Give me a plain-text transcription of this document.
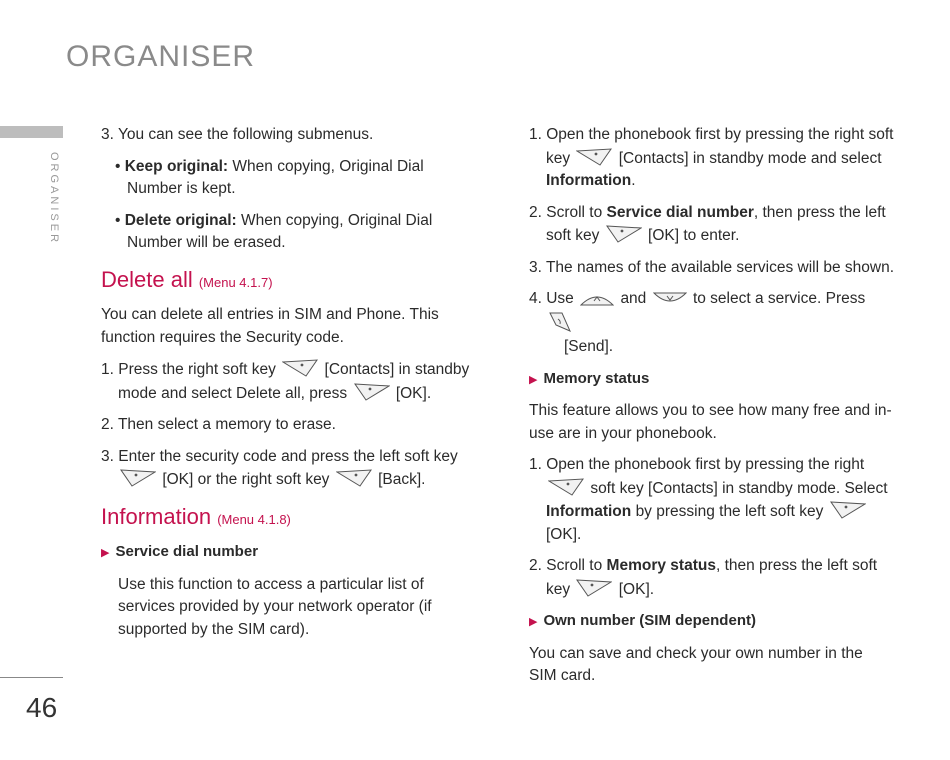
ORGANISER
ORGANISER
46

3. You can see the following submenus.

• Keep original: When copying, Original Dial Number is kept.

• Delete original: When copying, Original Dial Number will be erased.

Delete all (Menu 4.1.7)

You can delete all entries in SIM and Phone. This function requires the Security code.

1. Press the right soft key	[Contacts] in standby mode and select Delete all, press	[OK].

2. Then select a memory to erase.

3. Enter the security code and press the left soft key
[OK] or the right soft key	[Back].

Information (Menu 4.1.8)
▶ Service dial number

Use this function to access a particular list of services provided by your network operator (if supported by the SIM card).

1. Open the phonebook first by pressing the right soft key	[Contacts] in standby mode and select Information.

2. Scroll to Service dial number, then press the left soft key	[OK] to enter.

3. The names of the available services will be shown.

4. Use	and	to select a service. Press

[Send].

▶ Memory status

This feature allows you to see how many free and in-use are in your phonebook.

1. Open the phonebook first by pressing the right
soft key [Contacts] in standby mode. Select Information by pressing the left soft key
[OK].

2. Scroll to Memory status, then press the left soft key	[OK].

▶ Own number (SIM dependent)

You can save and check your own number in the SIM card.
